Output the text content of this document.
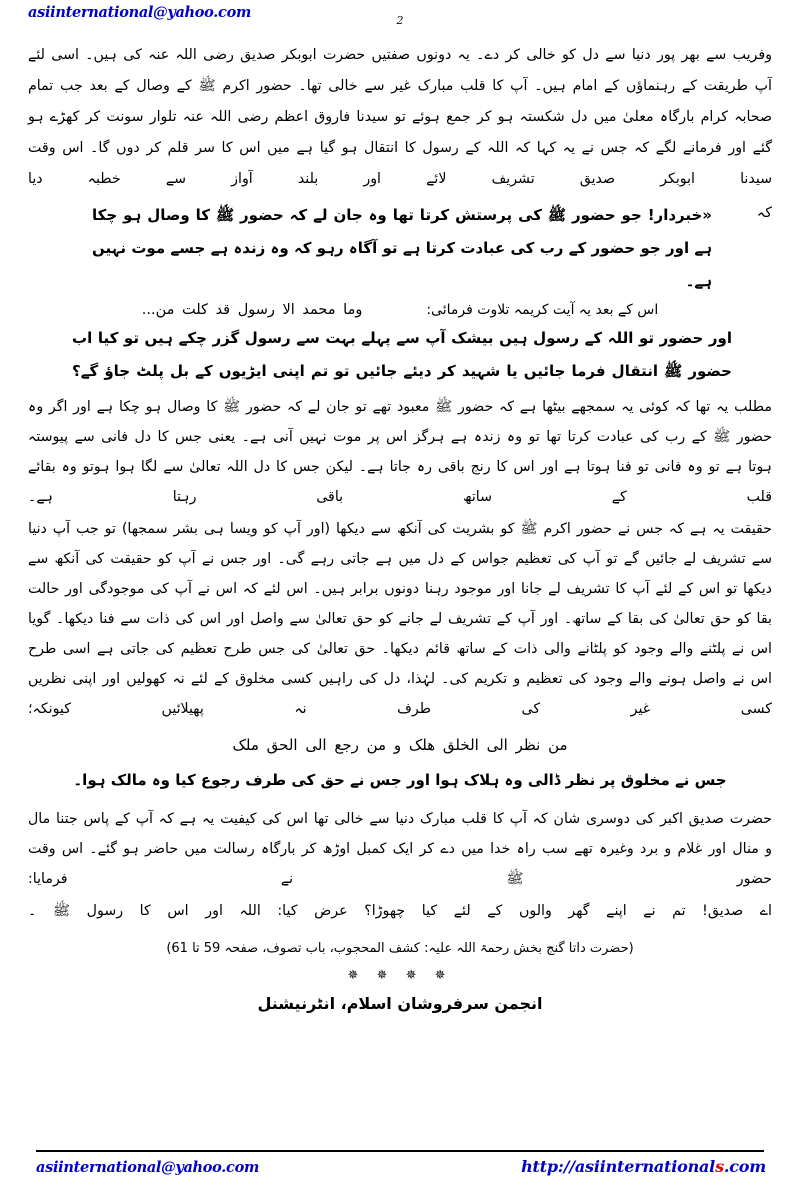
asiinternational@yahoo.com	2

وفریب سے بھر پور دنیا سے دل کو خالی کر دے۔ یہ دونوں صفتیں حضرت ابوبکر صدیق رضی اللہ عنہ کی ہیں۔ اسی لئے آپ طریقت کے رہنماؤں کے امام ہیں۔ آپ کا قلب مبارک غیر سے خالی تھا۔ حضور اکرم ﷺ کے وصال کے بعد جب تمام صحابہ کرام بارگاہ معلیٰ میں دل شکستہ ہو کر جمع ہوئے تو سیدنا فاروق اعظم رضی اللہ عنہ تلوار سونت کر کھڑے ہو گئے اور فرمانے لگے کہ جس نے یہ کہا کہ اللہ کے رسول کا انتقال ہو گیا ہے میں اس کا سر قلم کر دوں گا۔ اس وقت سیدنا ابوبکر صدیق تشریف لائے اور بلند آواز سے خطبہ دیا

کہ

«خبردار! جو حضور ﷺ کی پرستش کرتا تھا وہ جان لے کہ حضور ﷺ کا وصال ہو چکا ہے اور جو حضور کے رب کی عبادت کرتا ہے تو آگاہ رہو کہ وہ زندہ ہے جسے موت نہیں ہے۔

اس کے بعد یہ آیت کریمہ تلاوت فرمائی:
وما محمد الا رسول قد کلت من...

اور حضور تو اللہ کے رسول ہیں بیشک آپ سے پہلے بہت سے رسول گزر چکے ہیں تو کیا اب حضور ﷺ انتقال فرما جائیں یا شہید کر دیئے جائیں تو تم اپنی ایڑیوں کے بل پلٹ جاؤ گے؟

مطلب یہ تھا کہ کوئی یہ سمجھے بیٹھا ہے کہ حضور ﷺ معبود تھے تو جان لے کہ حضور ﷺ کا وصال ہو چکا ہے اور اگر وہ حضور ﷺ کے رب کی عبادت کرتا تھا تو وہ زندہ ہے ہرگز اس پر موت نہیں آنی ہے۔ یعنی جس کا دل فانی سے پیوستہ ہوتا ہے تو وہ فانی تو فنا ہوتا ہے اور اس کا رنج باقی رہ جاتا ہے۔ لیکن جس کا دل اللہ تعالیٰ سے لگا ہوا ہوتو وہ بقائے قلب کے ساتھ باقی رہتا ہے۔

حقیقت یہ ہے کہ جس نے حضور اکرم ﷺ کو بشریت کی آنکھ سے دیکھا (اور آپ کو ویسا ہی بشر سمجھا) تو جب آپ دنیا سے تشریف لے جائیں گے تو آپ کی تعظیم جواس کے دل میں ہے جاتی رہے گی۔ اور جس نے آپ کو حقیقت کی آنکھ سے دیکھا تو اس کے لئے آپ کا تشریف لے جانا اور موجود رہنا دونوں برابر ہیں۔ اس لئے کہ اس نے آپ کی موجودگی اور حالت بقا کو حق تعالیٰ کی بقا کے ساتھ۔ اور آپ کے تشریف لے جانے کو حق تعالیٰ سے واصل اور اس کی ذات سے فنا دیکھا۔ گویا اس نے پلٹنے والے وجود کو پلٹانے والی ذات کے ساتھ قائم دیکھا۔ حق تعالیٰ کی جس طرح تعظیم کی جاتی ہے اسی طرح اس نے واصل ہونے والے وجود کی تعظیم و تکریم کی۔ لہٰذا، دل کی راہیں کسی مخلوق کے لئے نہ کھولیں اور اپنی نظریں کسی غیر کی طرف نہ پھیلائیں کیونکہ؛

من نظر الى الخلق هلک و من رجع الى الحق ملک

جس نے مخلوق پر نظر ڈالی وہ ہلاک ہوا اور جس نے حق کی طرف رجوع کیا وہ مالک ہوا۔

حضرت صدیق اکبر کی دوسری شان کہ آپ کا قلب مبارک دنیا سے خالی تھا اس کی کیفیت یہ ہے کہ آپ کے پاس جتنا مال و منال اور غلام و برد وغیرہ تھے سب راہ خدا میں دے کر ایک کمبل اوڑھ کر بارگاہ رسالت میں حاضر ہو گئے۔ اس وقت حضور ﷺ نے فرمایا:

اے صدیق! تم نے اپنے گھر والوں کے لئے کیا چھوڑا؟ عرض کیا: اللہ اور اس کا رسول ﷺ ۔

(حضرت داتا گنج بخش رحمۃ اللہ علیہ: کشف المحجوب، باب تصوف، صفحہ 59 تا 61)

✵ ✵ ✵ ✵

انجمن سرفروشان اسلام، انٹرنیشنل

asiinternational@yahoo.com	http://asiinternationals.com
